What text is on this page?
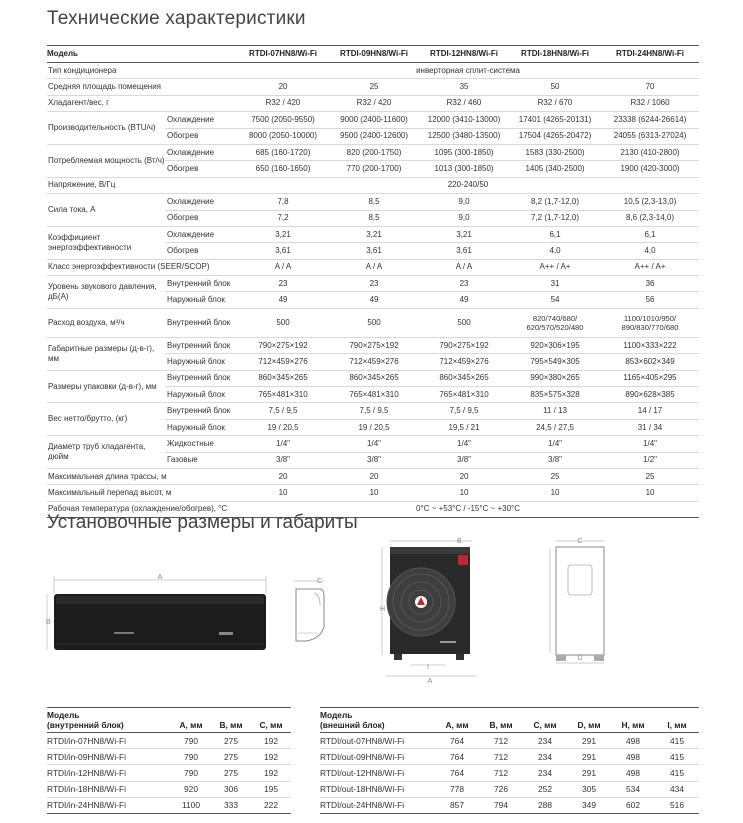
Технические характеристики
Модель		RTDI-07HN8/Wi-Fi	RTDI-09HN8/Wi-Fi	RTDI-12HN8/Wi-Fi	RTDI-18HN8/Wi-Fi	RTDI-24HN8/Wi-Fi
Тип кондиционера		инверторная сплит-система				
Средняя площадь помещения		20	25	35	50	70
Хладагент/вес, г		R32 / 420	R32 / 420	R32 / 460	R32 / 670	R32 / 1060
Производительность (BTU/ч)	Охлаждение	7500 (2050-9550)	9000 (2400-11600)	12000 (3410-13000)	17401 (4265-20131)	23338 (6244-26614)
	Обогрев	8000 (2050-10000)	9500 (2400-12600)	12500 (3480-13500)	17504 (4265-20472)	24055 (6313-27024)
Потребляемая мощность (Вт/ч)	Охлаждение	685 (160-1720)	820 (200-1750)	1095 (300-1850)	1583 (330-2500)	2130 (410-2800)
	Обогрев	650 (160-1650)	770 (200-1700)	1013 (300-1850)	1405 (340-2500)	1900 (420-3000)
Напряжение, В/Гц		220-240/50				
Сила тока, А	Охлаждение	7,8	8,5	9,0	8,2 (1,7-12,0)	10,5 (2,3-13,0)
	Обогрев	7,2	8,5	9,0	7,2 (1,7-12,0)	8,6 (2,3-14,0)
Коэффициент энергоэффективности	Охлаждение	3,21	3,21	3,21	6,1	6,1
	Обогрев	3,61	3,61	3,61	4,0	4,0
Класс энергоэффективности (SEER/SCOP)		A / A	A / A	A / A	A++ / A+	A++ / A+
Уровень звукового давления, дБ(А)	Внутренний блок	23	23	23	31	36
	Наружный блок	49	49	49	54	56
Расход воздуха, м³/ч	Внутренний блок	500	500	500	820/740/680/ 620/570/520/480	1100/1010/950/ 890/830/770/680
Габаритные размеры (д-в-г), мм	Внутренний блок	790×275×192	790×275×192	790×275×192	920×306×195	1100×333×222
	Наружный блок	712×459×276	712×459×276	712×459×276	795×549×305	853×602×349
Размеры упаковки (д-в-г), мм	Внутренний блок	860×345×265	860×345×265	860×345×265	990×380×265	1165×405×295
	Наружный блок	765×481×310	765×481×310	765×481×310	835×575×328	890×628×385
Вес нетто/брутто, (кг)	Внутренний блок	7,5 / 9,5	7,5 / 9,5	7,5 / 9,5	11 / 13	14 / 17
	Наружный блок	19 / 20,5	19 / 20,5	19,5 / 21	24,5 / 27,5	31 / 34
Диаметр труб хладагента, дюйм	Жидкостные	1/4"	1/4"	1/4"	1/4"	1/4"
	Газовые	3/8"	3/8"	3/8"	3/8"	1/2"
Максимальная длина трассы, м		20	20	20	25	25
Максимальный перепад высот, м		10	10	10	10	10
Рабочая температура (охлаждение/обогрев), °С		0°С ~ +53°С / -15°С ~ +30°С				
Установочные размеры и габариты
A
B
C
B
H
I
A
C
D
Модель
(внутренний блок)	A, мм	B, мм	C, мм
RTDI/in-07HN8/Wi-Fi	790	275	192
RTDI/in-09HN8/Wi-Fi	790	275	192
RTDI/in-12HN8/Wi-Fi	790	275	192
RTDI/in-18HN8/Wi-Fi	920	306	195
RTDI/in-24HN8/Wi-Fi	1100	333	222
Модель
(внешний блок)	A, мм	B, мм	C, мм	D, мм	H, мм	I, мм
RTDI/out-07HN8/Wi-Fi	764	712	234	291	498	415
RTDI/out-09HN8/Wi-Fi	764	712	234	291	498	415
RTDI/out-12HN8/Wi-Fi	764	712	234	291	498	415
RTDI/out-18HN8/Wi-Fi	778	726	252	305	534	434
RTDI/out-24HN8/Wi-Fi	857	794	288	349	602	516
